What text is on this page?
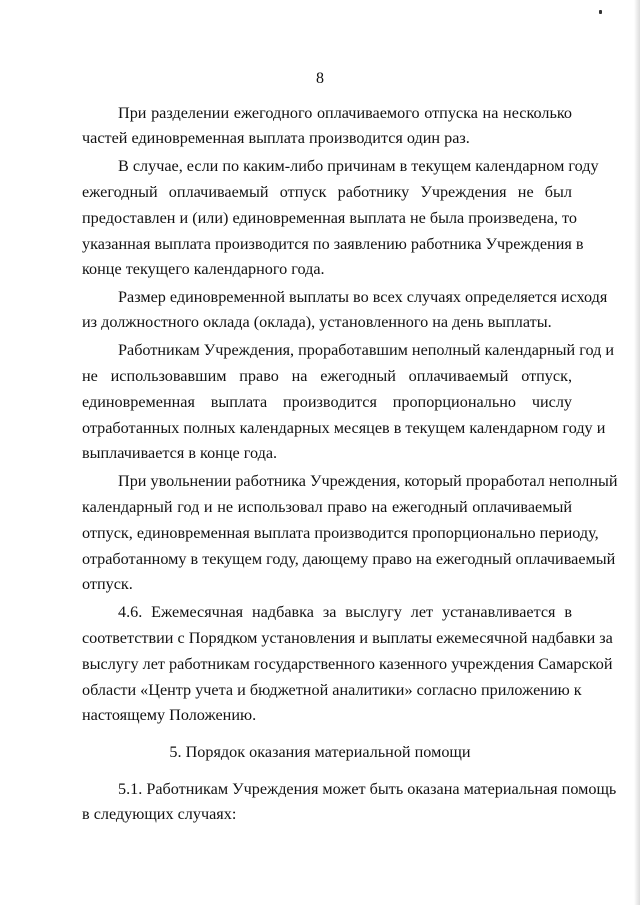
8
При разделении ежегодного оплачиваемого отпуска на несколько
частей единовременная выплата производится один раз.
В случае, если по каким-либо причинам в текущем календарном году
ежегодный оплачиваемый отпуск работнику Учреждения не был
предоставлен и (или) единовременная выплата не была произведена, то
указанная выплата производится по заявлению работника Учреждения в
конце текущего календарного года.
Размер единовременной выплаты во всех случаях определяется исходя
из должностного оклада (оклада), установленного на день выплаты.
Работникам Учреждения, проработавшим неполный календарный год и
не использовавшим право на ежегодный оплачиваемый отпуск,
единовременная выплата производится пропорционально числу
отработанных полных календарных месяцев в текущем календарном году и
выплачивается в конце года.
При увольнении работника Учреждения, который проработал неполный
календарный год и не использовал право на ежегодный оплачиваемый
отпуск, единовременная выплата производится пропорционально периоду,
отработанному в текущем году, дающему право на ежегодный оплачиваемый
отпуск.
4.6. Ежемесячная надбавка за выслугу лет устанавливается в
соответствии с Порядком установления и выплаты ежемесячной надбавки за
выслугу лет работникам государственного казенного учреждения Самарской
области «Центр учета и бюджетной аналитики» согласно приложению к
настоящему Положению.
5. Порядок оказания материальной помощи
5.1. Работникам Учреждения может быть оказана материальная помощь
в следующих случаях:
